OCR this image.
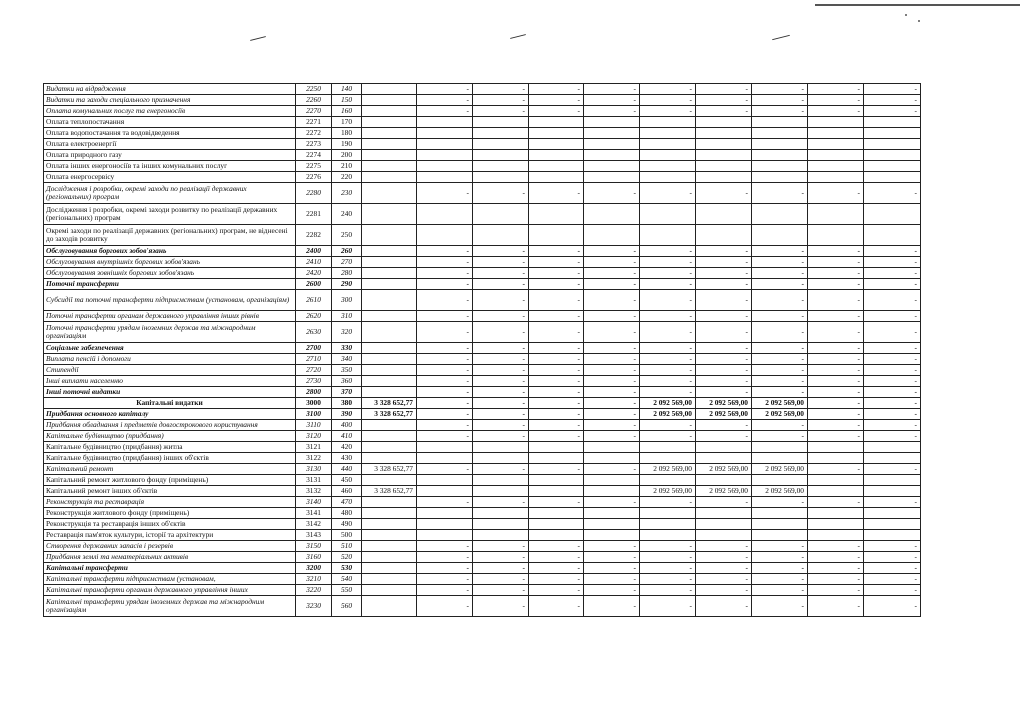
Видатки на відрядження	2250	140		-	-	-	-	-	-	-	-	-	
Видатки та заходи спеціального призначення	2260	150		-	-	-	-	-	-	-	-	-	
Оплата комунальних послуг та енергоносіїв	2270	160		-	-	-	-	-	-	-	-	-	
Оплата теплопостачання	2271	170											
Оплата водопостачання та водовідведення	2272	180											
Оплата електроенергії	2273	190											
Оплата природного газу	2274	200											
Оплата інших енергоносіїв та інших комунальних послуг	2275	210											
Оплата енергосервісу	2276	220											
Дослідження і розробки, окремі заходи по реалізації державних (регіональних) програм	2280	230		-	-	-	-	-	-	-	-	-	
Дослідження і розробки, окремі заходи розвитку по реалізації державних (регіональних) програм	2281	240											
Окремі заходи по реалізації державних (регіональних) програм, не віднесені до заходів розвитку	2282	250											
Обслуговування боргових зобов'язань	2400	260		-	-	-	-	-	-	-	-	-	
Обслуговування внутрішніх боргових зобов'язань	2410	270		-	-	-	-	-	-	-	-	-	
Обслуговування зовнішніх боргових зобов'язань	2420	280		-	-	-	-	-	-	-	-	-	
Поточні трансферти	2600	290		-	-	-	-	-	-	-	-	-	
Субсидії та поточні трансферти підприємствам (установам, організаціям)	2610	300		-	-	-	-	-	-	-	-	-	
Поточні трансферти органам державного управління інших рівнів	2620	310		-	-	-	-	-	-	-	-	-	
Поточні трансферти урядам іноземних держав та міжнародним організаціям	2630	320		-	-	-	-	-	-	-	-	-	
Соціальне забезпечення	2700	330		-	-	-	-	-	-	-	-	-	
Виплата пенсій і допомоги	2710	340		-	-	-	-	-	-	-	-	-	
Стипендії	2720	350		-	-	-	-	-	-	-	-	-	
Інші виплати населенню	2730	360		-	-	-	-	-	-	-	-	-	
Інші поточні видатки	2800	370		-	-	-	-	-	-	-	-	-	
Капітальні видатки	3000	380	3 328 652,77	-	-	-	-	2 092 569,00	2 092 569,00	2 092 569,00	-	-	
Придбання основного капіталу	3100	390	3 328 652,77	-	-	-	-	2 092 569,00	2 092 569,00	2 092 569,00	-	-	
Придбання обладнання і предметів довгострокового користування	3110	400		-	-	-	-	-	-	-	-	-	
Капітальне будівництво (придбання)	3120	410		-	-	-	-	-	-	-	-	-	
Капітальне будівництво (придбання) житла	3121	420											
Капітальне будівництво (придбання) інших об'єктів	3122	430											
Капітальний ремонт	3130	440	3 328 652,77	-	-	-	-	2 092 569,00	2 092 569,00	2 092 569,00	-	-	
Капітальний ремонт житлового фонду (приміщень)	3131	450											
Капітальний ремонт інших об'єктів	3132	460	3 328 652,77					2 092 569,00	2 092 569,00	2 092 569,00			
Реконструкція та реставрація	3140	470		-	-	-	-	-	-	-	-	-	
Реконструкція житлового фонду (приміщень)	3141	480											
Реконструкція та реставрація інших об'єктів	3142	490											
Реставрація пам'яток культури, історії та архітектури	3143	500											
Створення державних запасів і резервів	3150	510		-	-	-	-	-	-	-	-	-	
Придбання землі та нематеріальних активів	3160	520		-	-	-	-	-	-	-	-	-	
Капітальні трансферти	3200	530		-	-	-	-	-	-	-	-	-	
Капітальні трансферти підприємствам (установам,	3210	540		-	-	-	-	-	-	-	-	-	
Капітальні трансферти органам державного управління інших	3220	550		-	-	-	-	-	-	-	-	-	
Капітальні трансферти урядам іноземних держав та міжнародним організаціям	3230	560		-	-	-	-	-	-	-	-	-	
